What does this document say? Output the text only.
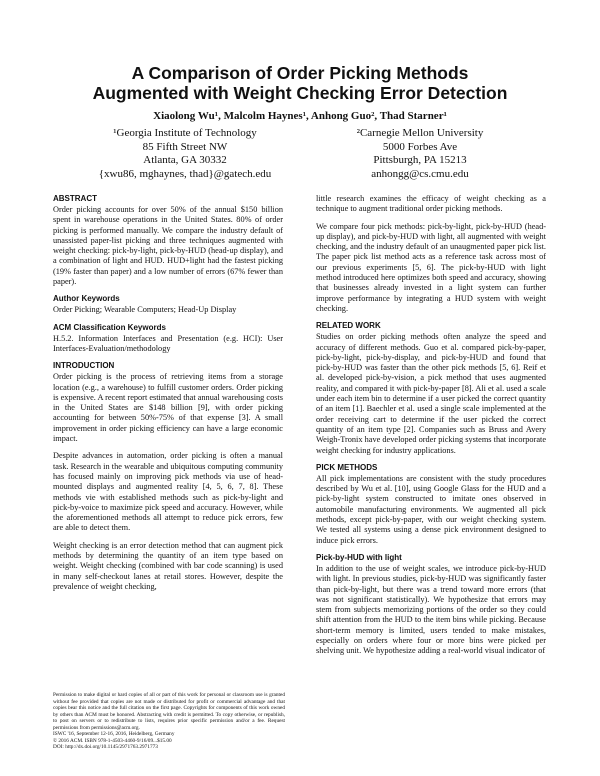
A Comparison of Order Picking Methods
Augmented with Weight Checking Error Detection
Xiaolong Wu¹, Malcolm Haynes¹, Anhong Guo², Thad Starner¹
¹Georgia Institute of Technology
85 Fifth Street NW
Atlanta, GA 30332
{xwu86, mghaynes, thad}@gatech.edu
²Carnegie Mellon University
5000 Forbes Ave
Pittsburgh, PA 15213
anhongg@cs.cmu.edu
ABSTRACT

Order picking accounts for over 50% of the annual $150 billion spent in warehouse operations in the United States. 80% of order picking is performed manually. We compare the industry default of unassisted paper-list picking and three techniques augmented with weight checking: pick-by-light, pick-by-HUD (head-up display), and a combination of light and HUD. HUD+light had the fastest picking (19% faster than paper) and a low number of errors (67% fewer than paper).

Author Keywords

Order Picking; Wearable Computers; Head-Up Display

ACM Classification Keywords

H.5.2. Information Interfaces and Presentation (e.g. HCI): User Interfaces-Evaluation/methodology

INTRODUCTION

Order picking is the process of retrieving items from a storage location (e.g., a warehouse) to fulfill customer orders. Order picking is expensive. A recent report estimated that annual warehousing costs in the United States are $148 billion [9], with order picking accounting for between 50%-75% of that expense [3]. A small improvement in order picking efficiency can have a large economic impact.

Despite advances in automation, order picking is often a manual task. Research in the wearable and ubiquitous computing community has focused mainly on improving pick methods via use of head-mounted displays and augmented reality [4, 5, 6, 7, 8]. These methods vie with established methods such as pick-by-light and pick-by-voice to maximize pick speed and accuracy. However, while the aforementioned methods all attempt to reduce pick errors, few are able to detect them.

Weight checking is an error detection method that can augment pick methods by determining the quantity of an item type based on weight. Weight checking (combined with bar code scanning) is used in many self-checkout lanes at retail stores. However, despite the prevalence of weight checking,

Permission to make digital or hard copies of all or part of this work for personal or classroom use is granted without fee provided that copies are not made or distributed for profit or commercial advantage and that copies bear this notice and the full citation on the first page. Copyrights for components of this work owned by others than ACM must be honored. Abstracting with credit is permitted. To copy otherwise, or republish, to post on servers or to redistribute to lists, requires prior specific permission and/or a fee. Request permissions from permissions@acm.org.

ISWC '16, September 12-16, 2016, Heidelberg, Germany

© 2016 ACM. ISBN 978-1-4503-4460-9/16/09...$15.00

DOI: http://dx.doi.org/10.1145/2971763.2971773

little research examines the efficacy of weight checking as a technique to augment traditional order picking methods.

We compare four pick methods: pick-by-light, pick-by-HUD (head-up display), and pick-by-HUD with light, all augmented with weight checking, and the industry default of an unaugmented paper pick list. The paper pick list method acts as a reference task across most of our previous experiments [5, 6]. The pick-by-HUD with light method introduced here optimizes both speed and accuracy, showing that businesses already invested in a light system can further improve performance by integrating a HUD system with weight checking.

RELATED WORK

Studies on order picking methods often analyze the speed and accuracy of different methods. Guo et al. compared pick-by-paper, pick-by-light, pick-by-display, and pick-by-HUD and found that pick-by-HUD was faster than the other pick methods [5, 6]. Reif et al. developed pick-by-vision, a pick method that uses augmented reality, and compared it with pick-by-paper [8]. Ali et al. used a scale under each item bin to determine if a user picked the correct quantity of an item [1]. Baechler et al. used a single scale implemented at the order receiving cart to determine if the user picked the correct quantity of an item type [2]. Companies such as Bruss and Avery Weigh-Tronix have developed order picking systems that incorporate weight checking for industry applications.

PICK METHODS

All pick implementations are consistent with the study procedures described by Wu et al. [10], using Google Glass for the HUD and a pick-by-light system constructed to imitate ones observed in automobile manufacturing environments. We augmented all pick methods, except pick-by-paper, with our weight checking system. We tested all systems using a dense pick environment designed to induce pick errors.

Pick-by-HUD with light

In addition to the use of weight scales, we introduce pick-by-HUD with light. In previous studies, pick-by-HUD was significantly faster than pick-by-light, but there was a trend toward more errors (that was not significant statistically). We hypothesize that errors may stem from subjects memorizing portions of the order so they could shift attention from the HUD to the item bins while picking. Because short-term memory is limited, users tended to make mistakes, especially on orders where four or more bins were picked per shelving unit. We hypothesize adding a real-world visual indicator of
